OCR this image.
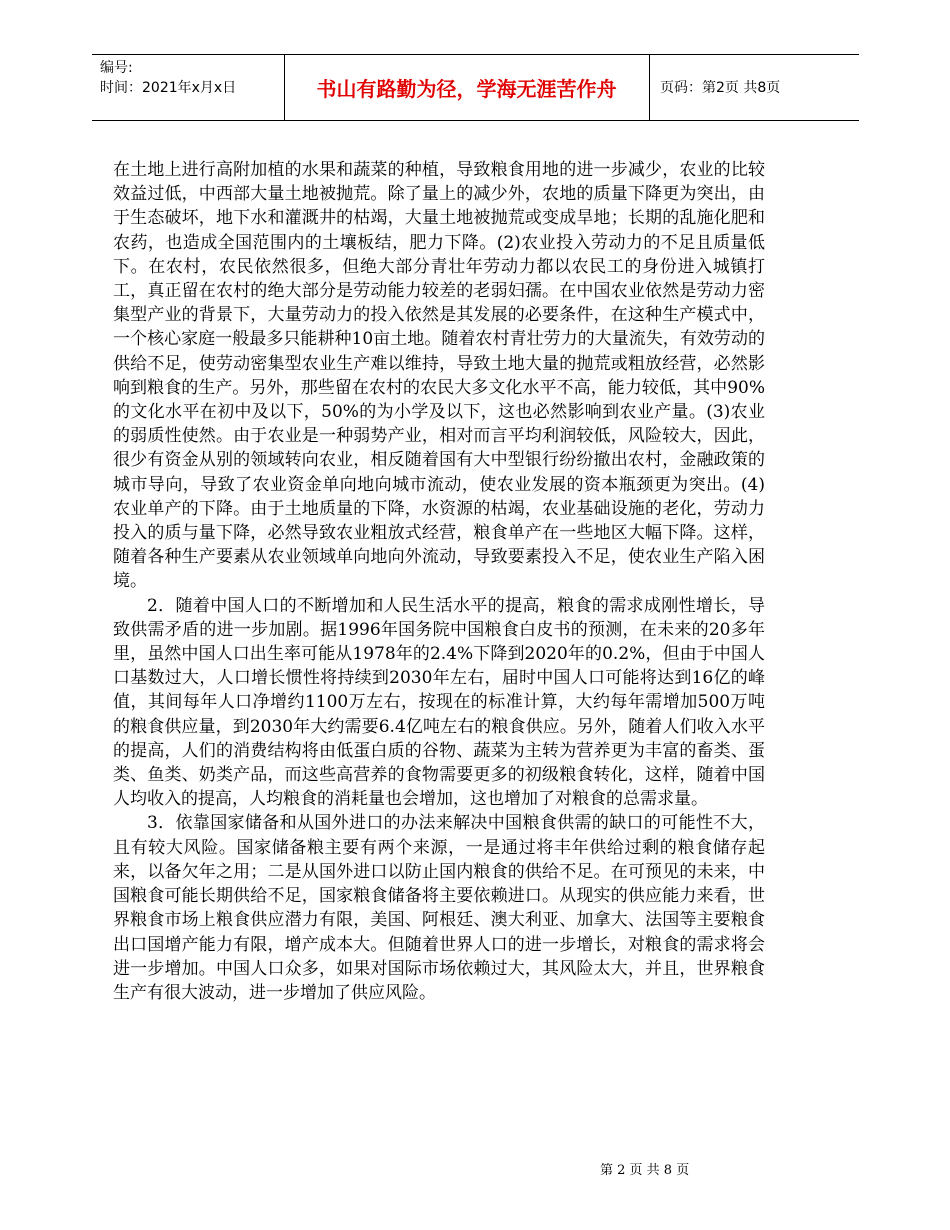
编号:
时间：2021年x月x日	书山有路勤为径，学海无涯苦作舟	页码：第2页 共8页

在土地上进行高附加植的水果和蔬菜的种植，导致粮食用地的进一步减少，农业的比较效益过低，中西部大量土地被抛荒。除了量上的减少外，农地的质量下降更为突出，由于生态破坏，地下水和灌溉井的枯竭，大量土地被抛荒或变成旱地；长期的乱施化肥和农药，也造成全国范围内的土壤板结，肥力下降。(2)农业投入劳动力的不足且质量低下。在农村，农民依然很多，但绝大部分青壮年劳动力都以农民工的身份进入城镇打工，真正留在农村的绝大部分是劳动能力较差的老弱妇孺。在中国农业依然是劳动力密集型产业的背景下，大量劳动力的投入依然是其发展的必要条件，在这种生产模式中，一个核心家庭一般最多只能耕种10亩土地。随着农村青壮劳力的大量流失，有效劳动的供给不足，使劳动密集型农业生产难以维持，导致土地大量的抛荒或粗放经营，必然影响到粮食的生产。另外，那些留在农村的农民大多文化水平不高，能力较低，其中90%的文化水平在初中及以下，50%的为小学及以下，这也必然影响到农业产量。(3)农业的弱质性使然。由于农业是一种弱势产业，相对而言平均利润较低，风险较大，因此，很少有资金从别的领域转向农业，相反随着国有大中型银行纷纷撤出农村，金融政策的城市导向，导致了农业资金单向地向城市流动，使农业发展的资本瓶颈更为突出。(4)农业单产的下降。由于土地质量的下降，水资源的枯竭，农业基础设施的老化，劳动力投入的质与量下降，必然导致农业粗放式经营，粮食单产在一些地区大幅下降。这样，随着各种生产要素从农业领域单向地向外流动，导致要素投入不足，使农业生产陷入困境。

2．随着中国人口的不断增加和人民生活水平的提高，粮食的需求成刚性增长，导致供需矛盾的进一步加剧。据1996年国务院中国粮食白皮书的预测，在未来的20多年里，虽然中国人口出生率可能从1978年的2.4%下降到2020年的0.2%，但由于中国人口基数过大，人口增长惯性将持续到2030年左右，届时中国人口可能将达到16亿的峰值，其间每年人口净增约1100万左右，按现在的标准计算，大约每年需增加500万吨的粮食供应量，到2030年大约需要6.4亿吨左右的粮食供应。另外，随着人们收入水平的提高，人们的消费结构将由低蛋白质的谷物、蔬菜为主转为营养更为丰富的畜类、蛋类、鱼类、奶类产品，而这些高营养的食物需要更多的初级粮食转化，这样，随着中国人均收入的提高，人均粮食的消耗量也会增加，这也增加了对粮食的总需求量。

3．依靠国家储备和从国外进口的办法来解决中国粮食供需的缺口的可能性不大，且有较大风险。国家储备粮主要有两个来源，一是通过将丰年供给过剩的粮食储存起来，以备欠年之用；二是从国外进口以防止国内粮食的供给不足。在可预见的未来，中国粮食可能长期供给不足，国家粮食储备将主要依赖进口。从现实的供应能力来看，世界粮食市场上粮食供应潜力有限，美国、阿根廷、澳大利亚、加拿大、法国等主要粮食出口国增产能力有限，增产成本大。但随着世界人口的进一步增长，对粮食的需求将会进一步增加。中国人口众多，如果对国际市场依赖过大，其风险太大，并且，世界粮食生产有很大波动，进一步增加了供应风险。

第 2 页 共 8 页
